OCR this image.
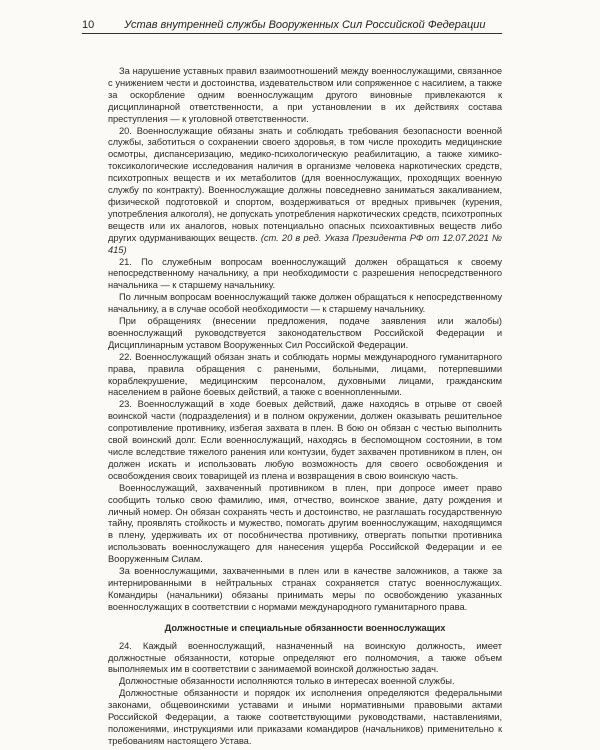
10	Устав внутренней службы Вооруженных Сил Российской Федерации

За нарушение уставных правил взаимоотношений между военнослужащими, связанное с унижением чести и достоинства, издевательством или сопряженное с насилием, а также за оскорбление одним военнослужащим другого виновные привлекаются к дисциплинарной ответственности, а при установлении в их действиях состава преступления — к уголовной ответственности.

20. Военнослужащие обязаны знать и соблюдать требования безопасности военной службы, заботиться о сохранении своего здоровья, в том числе проходить медицинские осмотры, диспансеризацию, медико-психологическую реабилитацию, а также химико-токсикологические исследования наличия в организме человека наркотических средств, психотропных веществ и их метаболитов (для военнослужащих, проходящих военную службу по контракту). Военнослужащие должны повседневно заниматься закаливанием, физической подготовкой и спортом, воздерживаться от вредных привычек (курения, употребления алкоголя), не допускать употребления наркотических средств, психотропных веществ или их аналогов, новых потенциально опасных психоактивных веществ либо других одурманивающих веществ. (ст. 20 в ред. Указа Президента РФ от 12.07.2021 № 415)

21. По служебным вопросам военнослужащий должен обращаться к своему непосредственному начальнику, а при необходимости с разрешения непосредственного начальника — к старшему начальнику.

По личным вопросам военнослужащий также должен обращаться к непосредственному начальнику, а в случае особой необходимости — к старшему начальнику.

При обращениях (внесении предложения, подаче заявления или жалобы) военнослужащий руководствуется законодательством Российской Федерации и Дисциплинарным уставом Вооруженных Сил Российской Федерации.

22. Военнослужащий обязан знать и соблюдать нормы международного гуманитарного права, правила обращения с ранеными, больными, лицами, потерпевшими кораблекрушение, медицинским персоналом, духовными лицами, гражданским населением в районе боевых действий, а также с военнопленными.

23. Военнослужащий в ходе боевых действий, даже находясь в отрыве от своей воинской части (подразделения) и в полном окружении, должен оказывать решительное сопротивление противнику, избегая захвата в плен. В бою он обязан с честью выполнить свой воинский долг. Если военнослужащий, находясь в беспомощном состоянии, в том числе вследствие тяжелого ранения или контузии, будет захвачен противником в плен, он должен искать и использовать любую возможность для своего освобождения и освобождения своих товарищей из плена и возвращения в свою воинскую часть.

Военнослужащий, захваченный противником в плен, при допросе имеет право сообщить только свою фамилию, имя, отчество, воинское звание, дату рождения и личный номер. Он обязан сохранять честь и достоинство, не разглашать государственную тайну, проявлять стойкость и мужество, помогать другим военнослужащим, находящимся в плену, удерживать их от пособничества противнику, отвергать попытки противника использовать военнослужащего для нанесения ущерба Российской Федерации и ее Вооруженным Силам.

За военнослужащими, захваченными в плен или в качестве заложников, а также за интернированными в нейтральных странах сохраняется статус военнослужащих. Командиры (начальники) обязаны принимать меры по освобождению указанных военнослужащих в соответствии с нормами международного гуманитарного права.

Должностные и специальные обязанности военнослужащих

24. Каждый военнослужащий, назначенный на воинскую должность, имеет должностные обязанности, которые определяют его полномочия, а также объем выполняемых им в соответствии с занимаемой воинской должностью задач.

Должностные обязанности исполняются только в интересах военной службы.

Должностные обязанности и порядок их исполнения определяются федеральными законами, общевоинскими уставами и иными нормативными правовыми актами Российской Федерации, а также соответствующими руководствами, наставлениями, положениями, инструкциями или приказами командиров (начальников) применительно к требованиям настоящего Устава.
